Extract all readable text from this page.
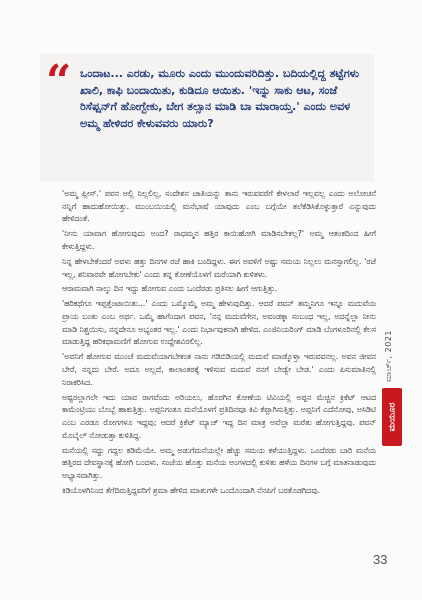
“ ಒಂದಾಟ... ಎರಡು, ಮೂರು ಎಂದು ಮುಂದುವರಿದಿತ್ತು. ಬದಿಯಲ್ಲಿದ್ದ ತಟ್ಟೆಗಳು ಖಾಲಿ, ಕಾಫಿ ಬಂದಾಯಿತು, ಕುಡಿದೂ ಆಯಿತು. 'ಇನ್ನು ಸಾಕು ಆಟ, ಸಂಜೆ ರಿಸೆಪ್ಷನ್‌ಗೆ ಹೋಗ್ಬೇಕು, ಬೇಗ ತಲ್ಸಾನ ಮಾಡಿ ಬಾ ಮಾರಾಯ್ತ.' ಎಂದು ಅವಳ ಅಮ್ಮ ಹೇಳಿದರ ಕೇಳುವವರು ಯಾರು?

'ಅಮ್ಮ ಪ್ಲೀಸ್.' ಪವನ ಅಲ್ಲಿ ನಿಲ್ಲಲಿಲ್ಲ, ಸಂದೇಶನ ಜಾತಿಯನ್ನು ತಾನು ಇರುವವರೆಗೆ ಕೇಳಲಾರೆ ಇಲ್ಲವಲ್ಲ ಎಂದು ಅಲೋಚನೆ ನನ್ನಿಗೆ ಹಾದುಹೋಯಿತ್ತು. ಮುಂಬಯಿಯಲ್ಲಿ ಮನೆಭಾಷೆ ಯಾವುದು ಎಂಬ ಬಗ್ಗೆಯೇ ತಲೆಕೆಡಿಸಿಕೊಳ್ಳುತ್ತಾರೆ ಎನ್ನುವುದು ಹೇಳಿದಂತೆ.

'ನೀನು ಯಾವಾಗ ಹೋಗುವುದು ಅಂದ? ರಾಧಮ್ಮನ ಹತ್ತಿರ ಕಾಯಿಹೋಗಿ ಮಾಡಿಸಬೇಕಲ್ಲ?' ಅಮ್ಮ ಆತಂಕದಿಂದ ಹೀಗೆ ಕೇಳುತ್ತಿದ್ದಳು.

ನಿನ್ನ ಹೇಳಬೇಕೆಂದರೆ ಅವಳು ಹತ್ತು ದಿನಗಳ ರಜೆ ಹಾಕಿ ಬಂದಿದ್ದಳು. ಈಗ ಅವಳಿಗೆ ಅಷ್ಟು ಸಮಯ ನಿಲ್ಲಲು ಮನಸ್ಸಾಗಲಿಲ್ಲ. 'ರಜೆ ಇಲ್ಲ, ಶನಿವಾರವೇ ಹೋಗಬೇಕು' ಎಂದು ತನ್ನ ಕೋಣೆಯೊಳಗೆ ಮರೆಯಾಗಿ ಕುಳಿತಳು.

ಆರಾಮವಾಗಿ ನಾಲ್ಕು ದಿನ ಇದ್ದು ಹೋಗುವ ಎಂದು ಒಂದೆರಡು ಪ್ರತಿಸಲ ಹೀಗೆ ಆಗುತ್ತಿತ್ತು.

'ಹರಿಕಥೆಗೂ ಇಪ್ಪತ್ತೆಂಟಾಯಿತು...' ಎಂದು ಒಮ್ಮೊಮ್ಮೆ ಅಮ್ಮ ಹೇಳುವುದಿತ್ತು. ಆದರೆ ಪವನ್ ತಮ್ಮನಿಗೂ ಇನ್ನೂ ಮದುವೆಯ ಪ್ರಾಯ ಬಂತು ಎಂಬ ಅರ್ಥ. ಒಮ್ಮೆ ಹಾಗೆಂದಾಗ ಪವನ, 'ನನ್ಗ ಮದುವೆಗೇನ, ಅವಂಡಕ್ಕಾ ಸಂಬಂಧ ಇಲ್ಲ, ಅದನ್ನೆಲ್ಲಾ ನೀನು ಮಾಡಿ ನಿಶ್ಚಯಿಸು, ನನ್ನದೇನೂ ಅಭ್ಯಂತರ ಇಲ್ಲ.' ಎಂದು ನಿರ್ಭಾವುಕನಾಗಿ ಹೇಳಿದ. ಎಂಜಿನಿಯರಿಂಗ್ ಮಾಡಿ ಬೆಂಗಳೂರಿನಲ್ಲಿ ಕೆಲಸ ಮಾಡುತ್ತಿದ್ದ ಹರಿಕಥಾಮಣಿಗೆ ಹೋಗುವ ಉದ್ದೇಶವಿರಲಿಲ್ಲ.

'ಅವನಿಗೆ ಹೋಗುವ ಮುಂಚೆ ಮದುವೆಯಾಗಬೇಕಂತ ನಾನು ಗಡಿಬಿಡಿಯಲ್ಲಿ ಮದುವೆ ಮಾಡ್ಕೊಳ್ತಾ ಇರುವವನಲ್ಲ. ಅವನ ಜೀವನ ಬೇರೆ, ನನ್ನದು ಬೇರೆ. ಅದೂ ಅಲ್ಲದೆ, ಕಾಲಾಂತರಕ್ಕೆ ಇಳಿಸುವ ಮದುವೆ ನನಗೆ ಬೇಡ್ವೇ ಬೇಡ.' ಎಂದು ಪಿಸುಮಾತಿನಲ್ಲಿ ನಿರಾಕರಿಸಿದ.

ಅಷ್ಟರಲ್ಲಾಗಲೇ ಇದು ಯಾವ ರಾಗವೆಂದು ಅರಿಯಲು, ಹೊರಗಿನ ಕೋಣೆಯ ಟಿವಿಯಲ್ಲಿ ಅಪ್ಪನ ಮೆಚ್ಚಿನ ಕ್ರಿಕೆಟ್ ಆಟದ ಕಾಮೆಂಟ್ರಿಯು ಬೊಬ್ಬೆ ಹಾಕುತ್ತಿತ್ತು. ಅಪ್ಪನಿಗಂತೂ ಮನೆಯೊಳಗೆ ಪ್ರತಿದಿನವೂ ಕಿವಿ ಕೆಪ್ಪಾಗಿಸುತ್ತಿತ್ತು. ಅಪ್ಪನಿಗೆ ಎದೆನೋವು, ಅಸಿಡಿಟಿ ಎಂಬ ಎರಡೂ ರೋಗಗಳೂ ಇದ್ದವು; ಆದರೆ ಕ್ರಿಕೆಟ್ ಮ್ಯಾಚ್ ಇದ್ದ ದಿನ ಮಾತ್ರ ಅವೆಲ್ಲಾ ಮರೆತು ಹೋಗುತ್ತಿದ್ದವು. ಪವನ್ ಮೊಬೈಲ್ ನೋಡುತ್ತಾ ಕುಳಿತಿದ್ದ.

ಮನೆಯಲ್ಲಿ ಸದ್ದು ಗದ್ದಲ ಕಡಿಮೆಯೇ. ಅಮ್ಮ ಅಡುಗೆಮನೆಯಲ್ಲೇ ಹೆಚ್ಚು ಸಮಯ ಕಳೆಯುತ್ತಿದ್ದಳು. ಒಂದೆರಡು ಬಾರಿ ಮನೆಯ ಹತ್ತಿರದ ದೇವಸ್ಥಾನಕ್ಕೆ ಹೋಗಿ ಬಂದಳು. ಸಂಜೆಯ ಹೊತ್ತು ಮನೆಯ ಅಂಗಳದಲ್ಲಿ ಕುಳಿತು ಹಳೆಯ ದಿನಗಳ ಬಗ್ಗೆ ಮಾತನಾಡುವುದು ಅಭ್ಯಾಸವಾಗಿತ್ತು.

ಕಿಡಿಯೊಳಗಿನಿಂದ ತೆಗೆದಿರುತ್ತಿದ್ದವರಿಗೆ ಶ್ರಮಾ ಹೇಳಿದ ಮಾತುಗಳೇ ಒಂದೊಂದಾಗಿ ನೆನಪಿಗೆ ಬರತೊಡಗಿದವು.

ಮಾರ್ಚ್, 2021
ಮಯೂರ
33
